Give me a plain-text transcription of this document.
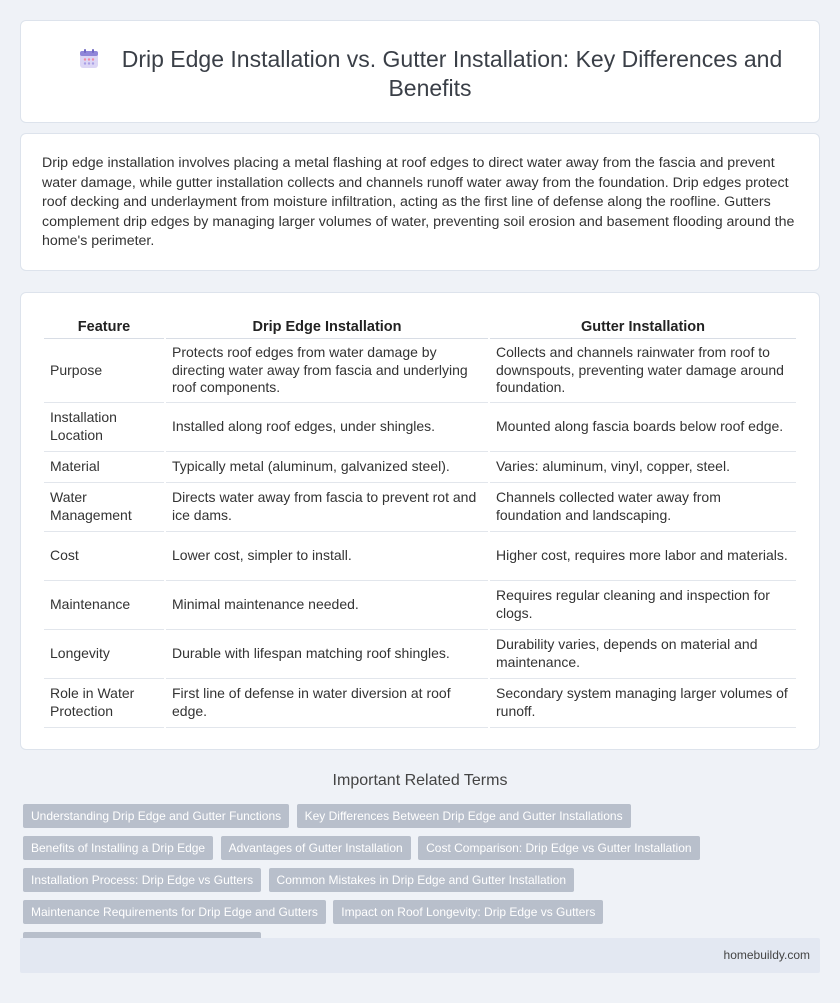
Drip Edge Installation vs. Gutter Installation: Key Differences and Benefits

Drip edge installation involves placing a metal flashing at roof edges to direct water away from the fascia and prevent water damage, while gutter installation collects and channels runoff water away from the foundation. Drip edges protect roof decking and underlayment from moisture infiltration, acting as the first line of defense along the roofline. Gutters complement drip edges by managing larger volumes of water, preventing soil erosion and basement flooding around the home's perimeter.

Feature	Drip Edge Installation	Gutter Installation
Purpose	Protects roof edges from water damage by directing water away from fascia and underlying roof components.	Collects and channels rainwater from roof to downspouts, preventing water damage around foundation.
Installation Location	Installed along roof edges, under shingles.	Mounted along fascia boards below roof edge.
Material	Typically metal (aluminum, galvanized steel).	Varies: aluminum, vinyl, copper, steel.
Water Management	Directs water away from fascia to prevent rot and ice dams.	Channels collected water away from foundation and landscaping.
Cost	Lower cost, simpler to install.	Higher cost, requires more labor and materials.
Maintenance	Minimal maintenance needed.	Requires regular cleaning and inspection for clogs.
Longevity	Durable with lifespan matching roof shingles.	Durability varies, depends on material and maintenance.
Role in Water Protection	First line of defense in water diversion at roof edge.	Secondary system managing larger volumes of runoff.
Important Related Terms
Understanding Drip Edge and Gutter Functions Key Differences Between Drip Edge and Gutter Installations Benefits of Installing a Drip Edge Advantages of Gutter Installation Cost Comparison: Drip Edge vs Gutter Installation Installation Process: Drip Edge vs Gutters Common Mistakes in Drip Edge and Gutter Installation Maintenance Requirements for Drip Edge and Gutters Impact on Roof Longevity: Drip Edge vs Gutters
homebuildy.com
